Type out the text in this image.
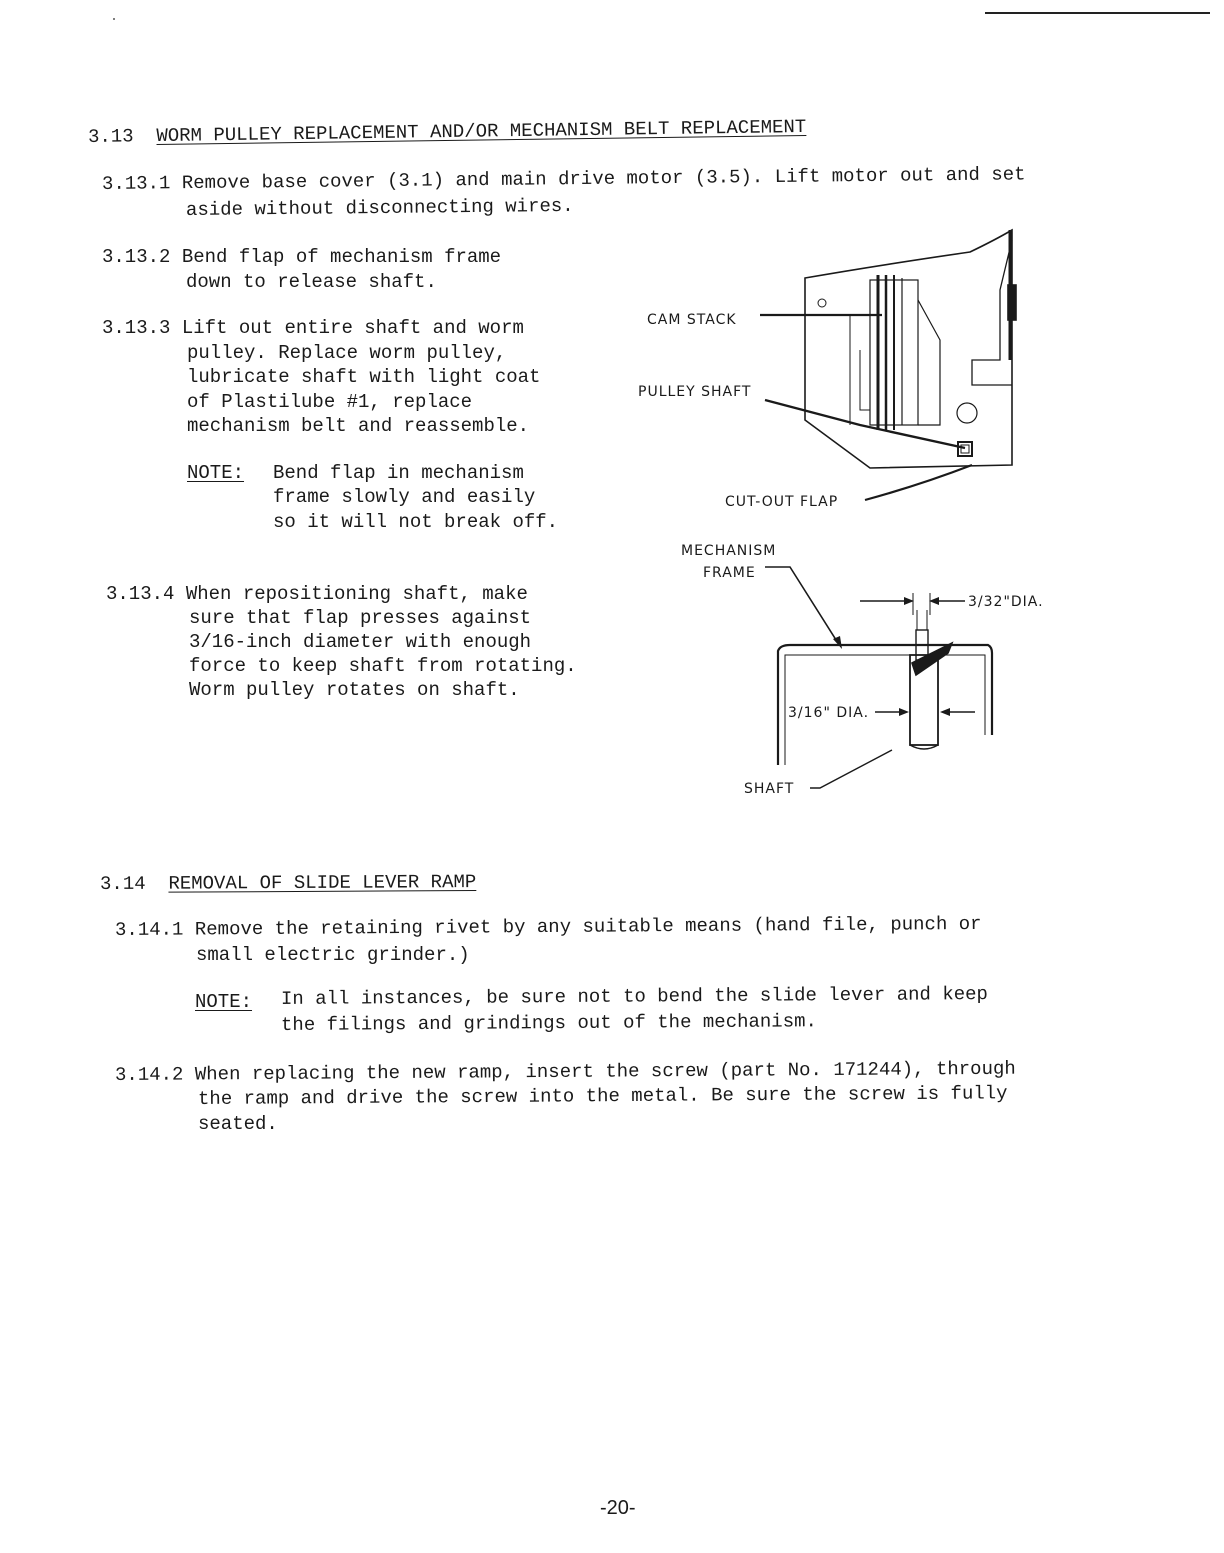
3.13 WORM PULLEY REPLACEMENT AND/OR MECHANISM BELT REPLACEMENT
3.13.1 Remove base cover (3.1) and main drive motor (3.5). Lift motor out and set
aside without disconnecting wires.
3.13.2 Bend flap of mechanism frame
down to release shaft.
3.13.3 Lift out entire shaft and worm
pulley. Replace worm pulley,
lubricate shaft with light coat
of Plastilube #1, replace
mechanism belt and reassemble.
NOTE: Bend flap in mechanism
frame slowly and easily
so it will not break off.
3.13.4 When repositioning shaft, make
sure that flap presses against
3/16-inch diameter with enough
force to keep shaft from rotating.
Worm pulley rotates on shaft.
CAM STACK
PULLEY SHAFT
CUT-OUT FLAP
MECHANISM
FRAME
3/32"DIA.
3/16" DIA.
SHAFT
3.14 REMOVAL OF SLIDE LEVER RAMP
3.14.1 Remove the retaining rivet by any suitable means (hand file, punch or
small electric grinder.)
NOTE: In all instances, be sure not to bend the slide lever and keep
the filings and grindings out of the mechanism.
3.14.2 When replacing the new ramp, insert the screw (part No. 171244), through
the ramp and drive the screw into the metal. Be sure the screw is fully
seated.
-20-
